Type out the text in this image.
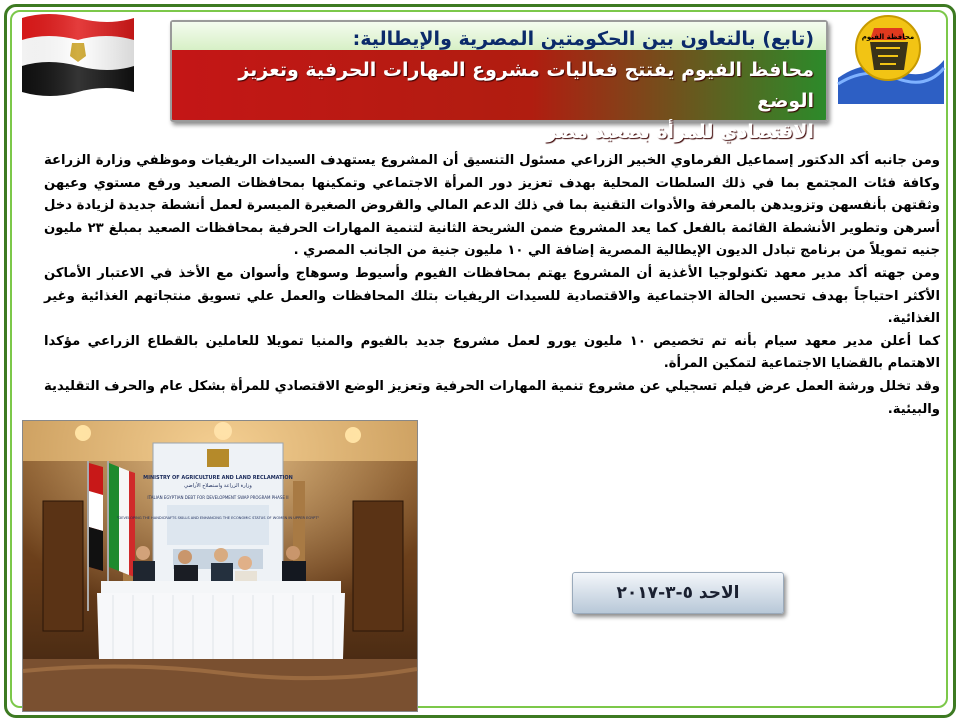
محافظة الفيوم
(تابع) بالتعاون بين الحكومتين المصرية والإيطالية:
محافظ الفيوم يفتتح فعاليات مشروع المهارات الحرفية وتعزيز الوضع
الاقتصادي للمرأة بصعيد مصر

ومن جانبه أكد الدكتور إسماعيل الفرماوي الخبير الزراعي مسئول التنسيق أن المشروع يستهدف السيدات الريفيات وموظفي وزارة الزراعة وكافة فئات المجتمع بما في ذلك السلطات المحلية بهدف تعزيز دور المرأة الاجتماعي وتمكينها بمحافظات الصعيد ورفع مستوي وعيهن وثقتهن بأنفسهن وتزويدهن بالمعرفة والأدوات التقنية بما في ذلك الدعم المالي والقروض الصغيرة الميسرة لعمل أنشطة جديدة لزيادة دخل أسرهن وتطوير الأنشطة القائمة بالفعل كما يعد المشروع ضمن الشريحة الثانية لتنمية المهارات الحرفية بمحافظات الصعيد بمبلغ ٢٣ مليون جنيه تمويلاً من برنامج تبادل الديون الإيطالية المصرية إضافة الي ١٠ مليون جنية من الجانب المصري .

ومن جهته أكد مدير معهد تكنولوجيا الأغذية أن المشروع يهتم بمحافظات الفيوم وأسيوط وسوهاج وأسوان مع الأخذ في الاعتبار الأماكن الأكثر احتياجاً بهدف تحسين الحالة الاجتماعية والاقتصادية للسيدات الريفيات بتلك المحافظات والعمل علي تسويق منتجاتهم الغذائية وغير الغذائية.

كما أعلن مدير معهد سيام بأنه تم تخصيص ١٠ مليون يورو لعمل مشروع جديد بالفيوم والمنيا تمويلا للعاملين بالقطاع الزراعي مؤكدا الاهتمام بالقضايا الاجتماعية لتمكين المرأة.

وقد تخلل ورشة العمل عرض فيلم تسجيلي عن مشروع تنمية المهارات الحرفية وتعزيز الوضع الاقتصادي للمرأة بشكل عام والحرف التقليدية والبيئية.

MINISTRY OF AGRICULTURE AND LAND RECLAMATION
وزارة الزراعة واستصلاح الأراضي
ITALIAN EGYPTIAN DEBT FOR DEVELOPMENT SWAP PROGRAM PHASE II
"DEVELOPING THE HANDICRAFTS SKILLS AND ENHANCING THE ECONOMIC STATUS OF WOMEN IN UPPER EGYPT"
الاحد ٥-٣-٢٠١٧
